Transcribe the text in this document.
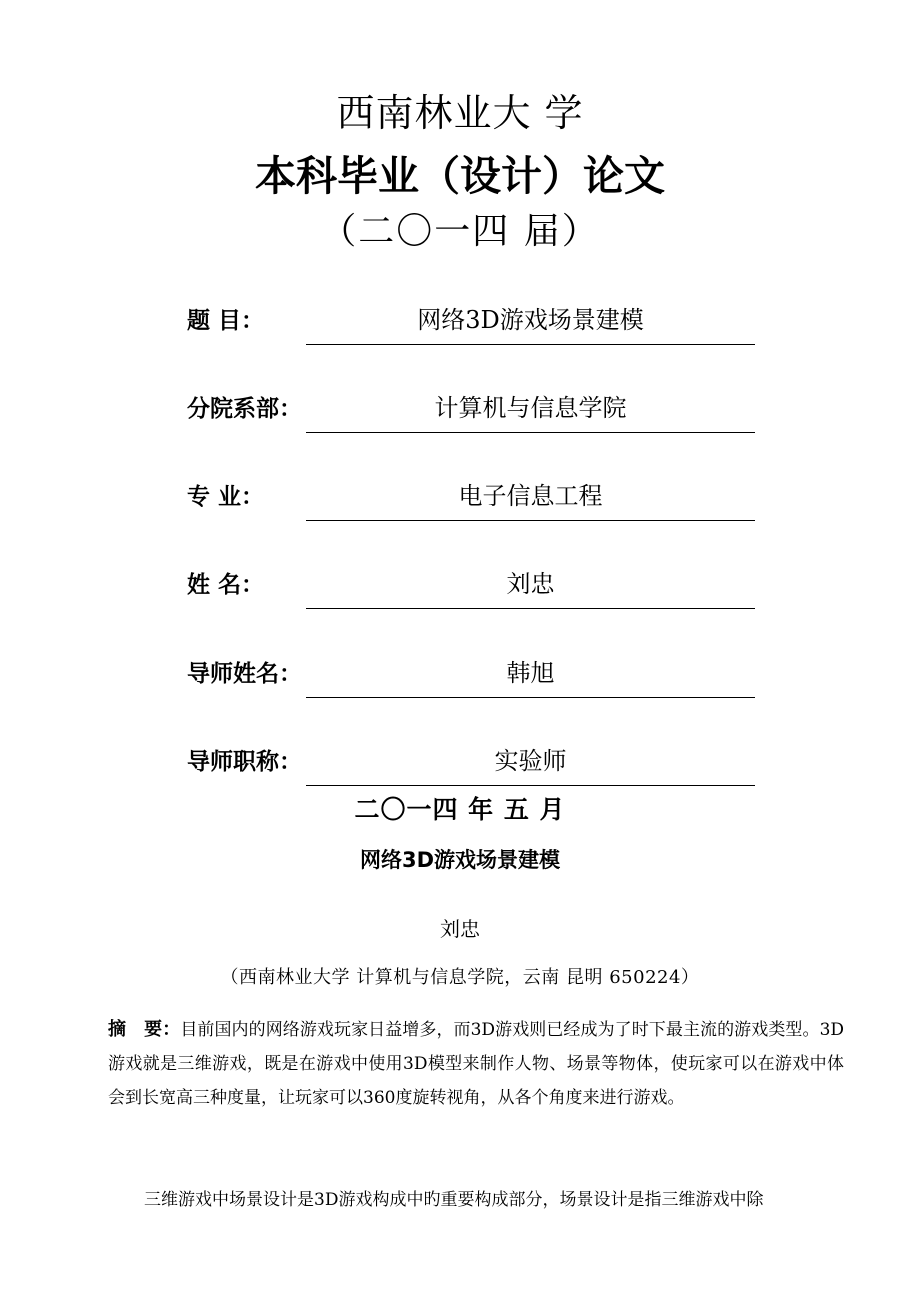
西南林业大 学
本科毕业（设计）论文
（二〇一四 届）
题 目：	网络3D游戏场景建模
分院系部：	计算机与信息学院
专 业：	电子信息工程
姓 名：	刘忠
导师姓名：	韩旭
导师职称：	实验师
二〇一四 年 五 月
网络3D游戏场景建模
刘忠
（西南林业大学 计算机与信息学院，云南 昆明 650224）
摘　要：目前国内的网络游戏玩家日益增多，而3D游戏则已经成为了时下最主流的游戏类型。3D游戏就是三维游戏，既是在游戏中使用3D模型来制作人物、场景等物体，使玩家可以在游戏中体会到长宽高三种度量，让玩家可以360度旋转视角，从各个角度来进行游戏。
三维游戏中场景设计是3D游戏构成中旳重要构成部分，场景设计是指三维游戏中除
